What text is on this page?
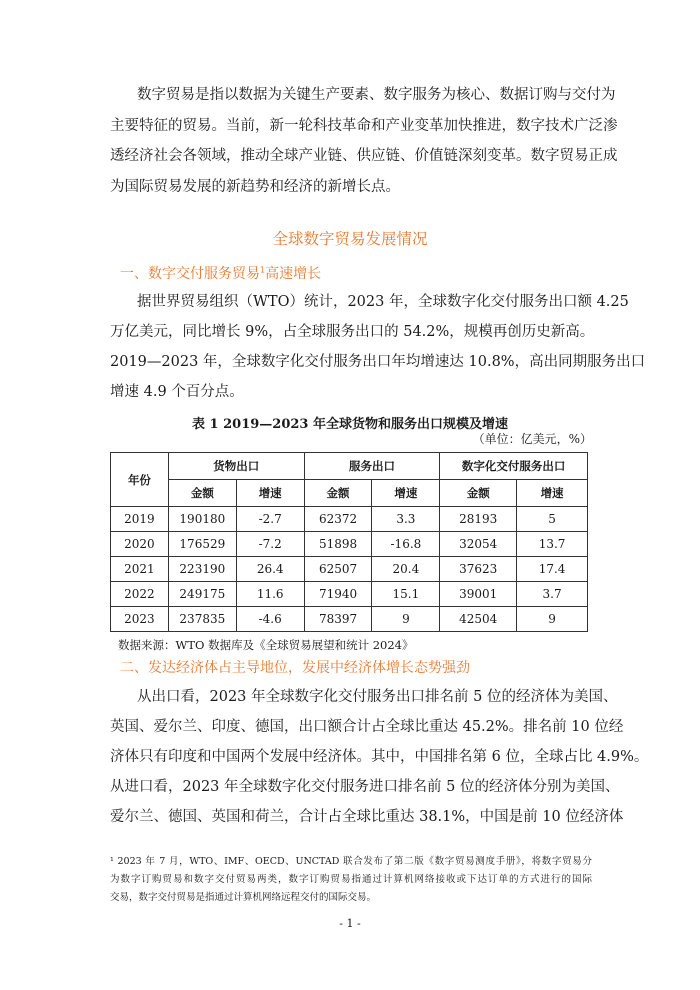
数字贸易是指以数据为关键生产要素、数字服务为核心、数据订购与交付为
主要特征的贸易。当前，新一轮科技革命和产业变革加快推进，数字技术广泛渗
透经济社会各领域，推动全球产业链、供应链、价值链深刻变革。数字贸易正成
为国际贸易发展的新趋势和经济的新增长点。
全球数字贸易发展情况
一、数字交付服务贸易$^1$高速增长
据世界贸易组织（WTO）统计，2023 年，全球数字化交付服务出口额 4.25
万亿美元，同比增长 9%，占全球服务出口的 54.2%，规模再创历史新高。
2019—2023 年，全球数字化交付服务出口年均增速达 10.8%，高出同期服务出口
增速 4.9 个百分点。
表 1 2019—2023 年全球货物和服务出口规模及增速
（单位：亿美元，%）
年份	货物出口		服务出口		数字化交付服务出口	
	金额	增速	金额	增速	金额	增速
2019	190180	-2.7	62372	3.3	28193	5
2020	176529	-7.2	51898	-16.8	32054	13.7
2021	223190	26.4	62507	20.4	37623	17.4
2022	249175	11.6	71940	15.1	39001	3.7
2023	237835	-4.6	78397	9	42504	9
数据来源：WTO 数据库及《全球贸易展望和统计 2024》
二、发达经济体占主导地位，发展中经济体增长态势强劲
从出口看，2023 年全球数字化交付服务出口排名前 5 位的经济体为美国、
英国、爱尔兰、印度、德国，出口额合计占全球比重达 45.2%。排名前 10 位经
济体只有印度和中国两个发展中经济体。其中，中国排名第 6 位，全球占比 4.9%。
从进口看，2023 年全球数字化交付服务进口排名前 5 位的经济体分别为美国、
爱尔兰、德国、英国和荷兰，合计占全球比重达 38.1%，中国是前 10 位经济体
¹ 2023 年 7 月，WTO、IMF、OECD、UNCTAD 联合发布了第二版《数字贸易测度手册》，将数字贸易分
为数字订购贸易和数字交付贸易两类，数字订购贸易指通过计算机网络接收或下达订单的方式进行的国际
交易，数字交付贸易是指通过计算机网络远程交付的国际交易。
- 1 -
